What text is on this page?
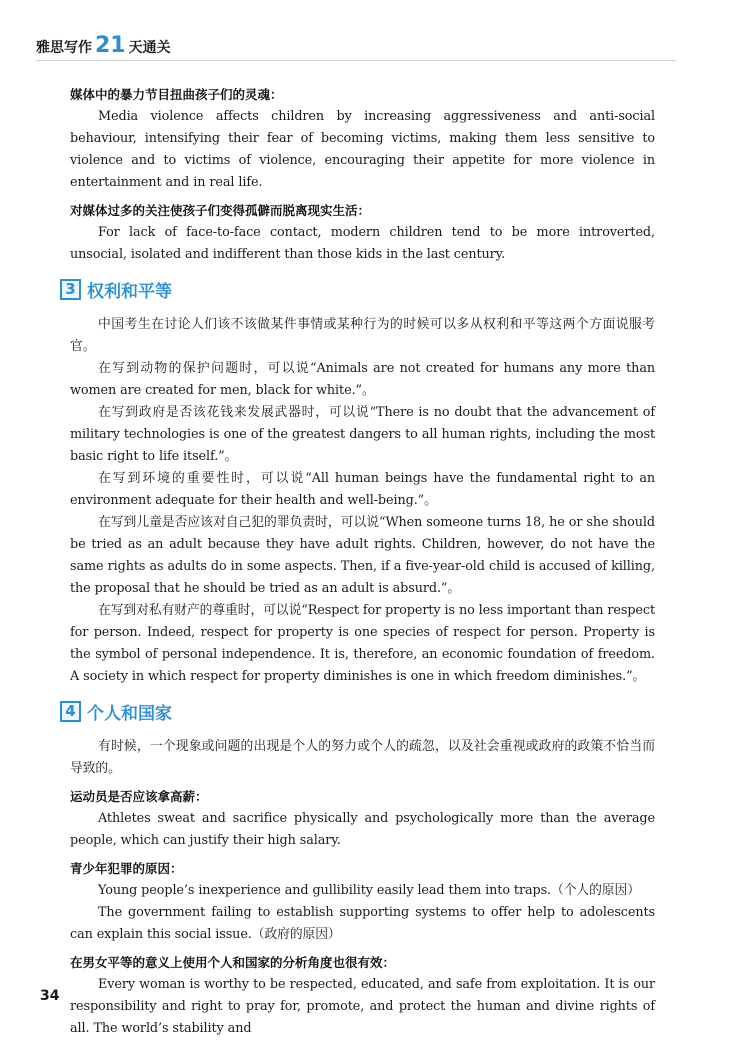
雅思写作 21 天通关

媒体中的暴力节目扭曲孩子们的灵魂：

Media violence affects children by increasing aggressiveness and anti-social behaviour, intensifying their fear of becoming victims, making them less sensitive to violence and to victims of violence, encouraging their appetite for more violence in entertainment and in real life.

对媒体过多的关注使孩子们变得孤僻而脱离现实生活：

For lack of face-to-face contact, modern children tend to be more introverted, unsocial, isolated and indifferent than those kids in the last century.

3 权利和平等

中国考生在讨论人们该不该做某件事情或某种行为的时候可以多从权利和平等这两个方面说服考官。

在写到动物的保护问题时，可以说“Animals are not created for humans any more than women are created for men, black for white.”。

在写到政府是否该花钱来发展武器时，可以说“There is no doubt that the advancement of military technologies is one of the greatest dangers to all human rights, including the most basic right to life itself.”。

在写到环境的重要性时，可以说“All human beings have the fundamental right to an environment adequate for their health and well-being.”。

在写到儿童是否应该对自己犯的罪负责时，可以说“When someone turns 18, he or she should be tried as an adult because they have adult rights. Children, however, do not have the same rights as adults do in some aspects. Then, if a five-year-old child is accused of killing, the proposal that he should be tried as an adult is absurd.”。

在写到对私有财产的尊重时，可以说“Respect for property is no less important than respect for person. Indeed, respect for property is one species of respect for person. Property is the symbol of personal independence. It is, therefore, an economic foundation of freedom. A society in which respect for property diminishes is one in which freedom diminishes.”。

4 个人和国家

有时候，一个现象或问题的出现是个人的努力或个人的疏忽，以及社会重视或政府的政策不恰当而导致的。

运动员是否应该拿高薪：

Athletes sweat and sacrifice physically and psychologically more than the average people, which can justify their high salary.

青少年犯罪的原因：

Young people’s inexperience and gullibility easily lead them into traps.（个人的原因）

The government failing to establish supporting systems to offer help to adolescents can explain this social issue.（政府的原因）

在男女平等的意义上使用个人和国家的分析角度也很有效：

Every woman is worthy to be respected, educated, and safe from exploitation. It is our responsibility and right to pray for, promote, and protect the human and divine rights of all. The world’s stability and

34
